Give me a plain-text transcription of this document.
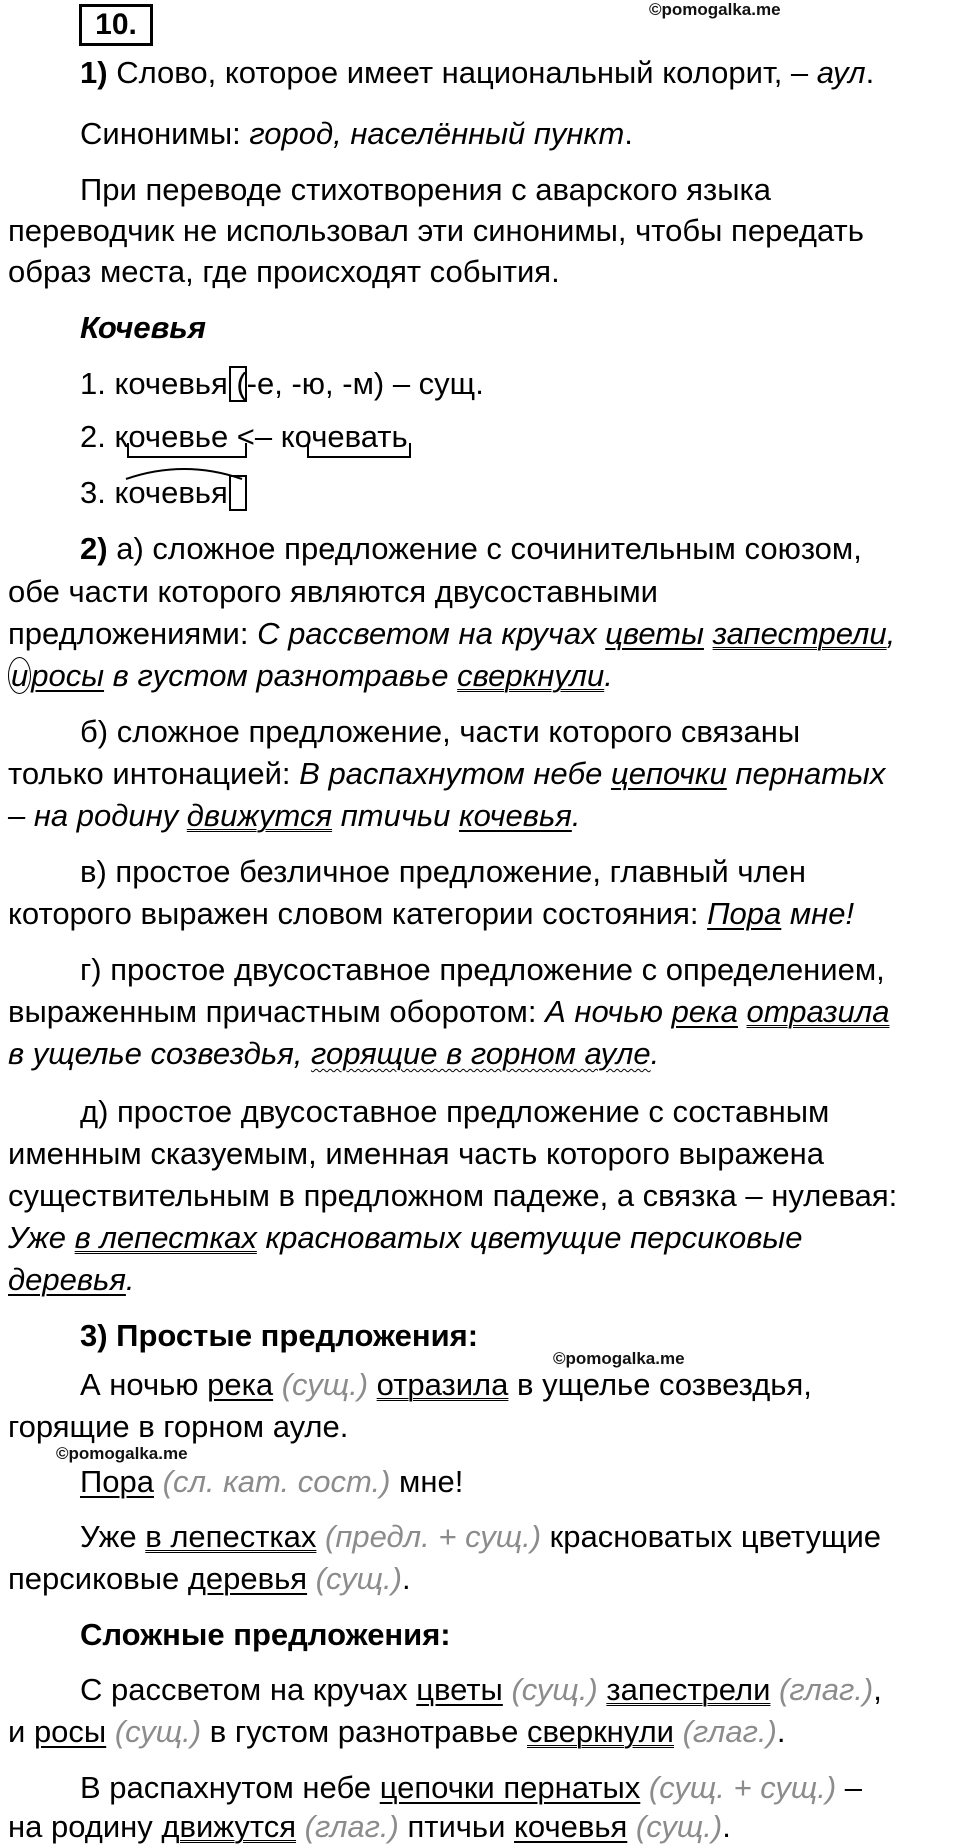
10.	©pomogalka.me
1) Слово, которое имеет национальный колорит, – аул.
Синонимы: город, населённый пункт.
При переводе стихотворения с аварского языка
переводчик не использовал эти синонимы, чтобы передать
образ места, где происходят события.
Кочевья
1. кочевья (-е, -ю, -м) – сущ.
2. кочевье <– кочевать
3. кочевья
2) а) сложное предложение с сочинительным союзом,
обе части которого являются двусоставными
предложениями: С рассветом на кручах цветы запестрели,
иросы в густом разнотравье сверкнули.
б) сложное предложение, части которого связаны
только интонацией: В распахнутом небе цепочки пернатых
– на родину движутся птичьи кочевья.
в) простое безличное предложение, главный член
которого выражен словом категории состояния: Пора мне!
г) простое двусоставное предложение с определением,
выраженным причастным оборотом: А ночью река отразила
в ущелье созвездья, горящие в горном ауле.
д) простое двусоставное предложение с составным
именным сказуемым, именная часть которого выражена
существительным в предложном падеже, а связка – нулевая:
Уже в лепестках красноватых цветущие персиковые
деревья.
3) Простые предложения:
©pomogalka.me
А ночью река (сущ.) отразила в ущелье созвездья,
горящие в горном ауле.
©pomogalka.me
Пора (сл. кат. сост.) мне!
Уже в лепестках (предл. + сущ.) красноватых цветущие
персиковые деревья (сущ.).
Сложные предложения:
С рассветом на кручах цветы (сущ.) запестрели (глаг.),
и росы (сущ.) в густом разнотравье сверкнули (глаг.).
В распахнутом небе цепочки пернатых (сущ. + сущ.) –
на родину движутся (глаг.) птичьи кочевья (сущ.).
